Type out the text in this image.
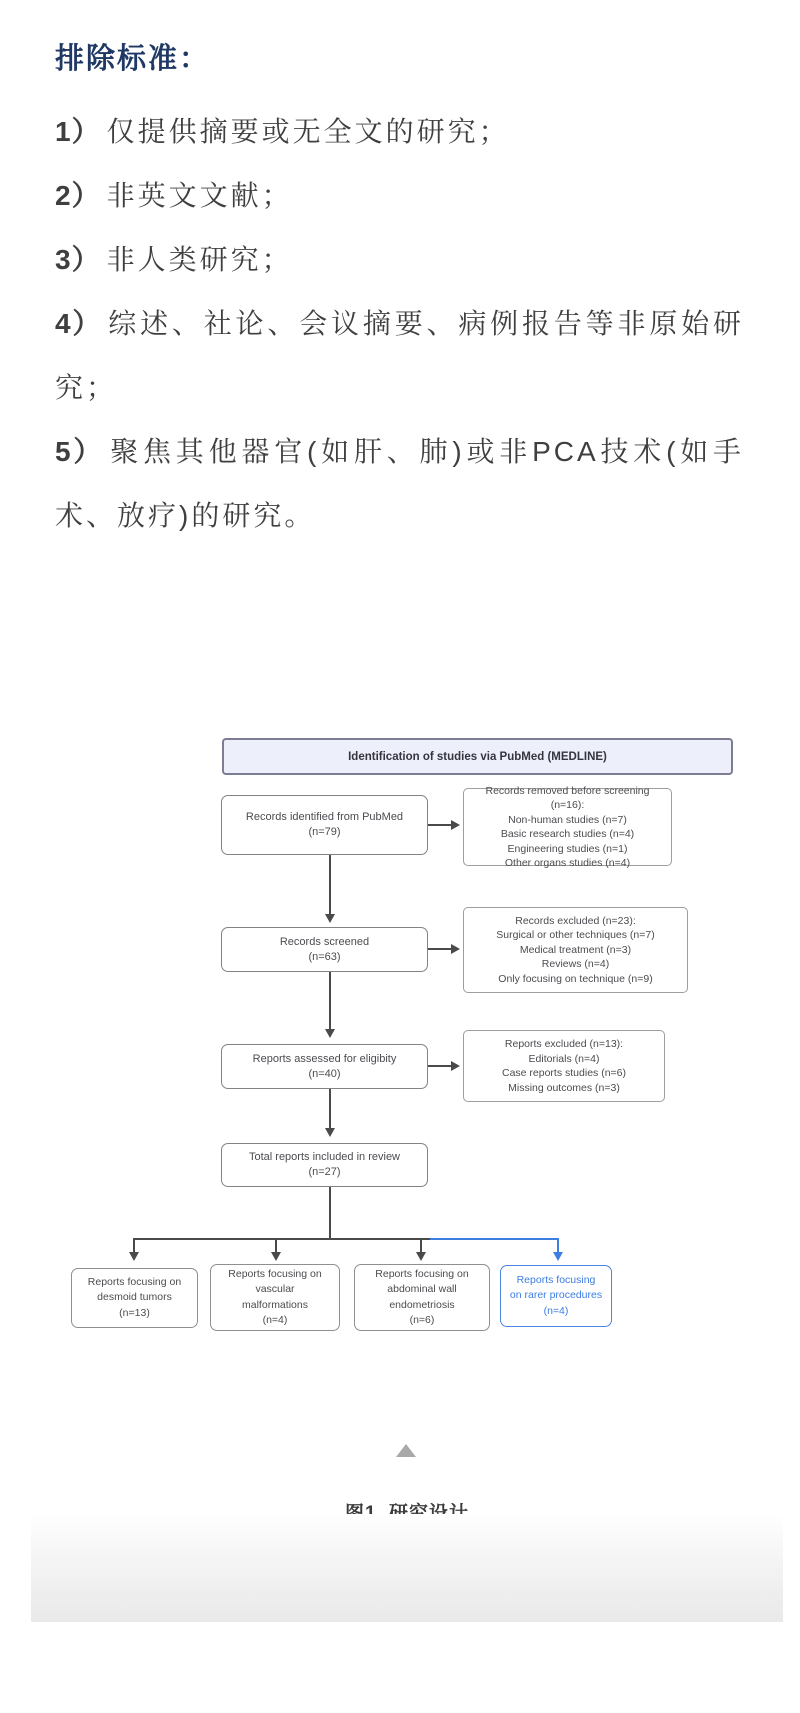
排除标准：

1） 仅提供摘要或无全文的研究；

2） 非英文文献；

3） 非人类研究；

4） 综述、社论、会议摘要、病例报告等非原始研究；

5） 聚焦其他器官(如肝、肺)或非PCA技术(如手术、放疗)的研究。

Identification of studies via PubMed (MEDLINE)
Records identified from PubMed
(n=79)
Records screened
(n=63)
Reports assessed for eligibity
(n=40)
Total reports included in review
(n=27)
Records removed before screening (n=16):
Non-human studies (n=7)
Basic research studies (n=4)
Engineering studies (n=1)
Other organs studies (n=4)
Records excluded (n=23):
Surgical or other techniques (n=7)
Medical treatment (n=3)
Reviews (n=4)
Only focusing on technique (n=9)
Reports excluded (n=13):
Editorials (n=4)
Case reports studies (n=6)
Missing outcomes (n=3)
Reports focusing on
desmoid tumors
(n=13)
Reports focusing on
vascular
malformations
(n=4)
Reports focusing on
abdominal wall
endometriosis
(n=6)
Reports focusing
on rarer procedures
(n=4)
